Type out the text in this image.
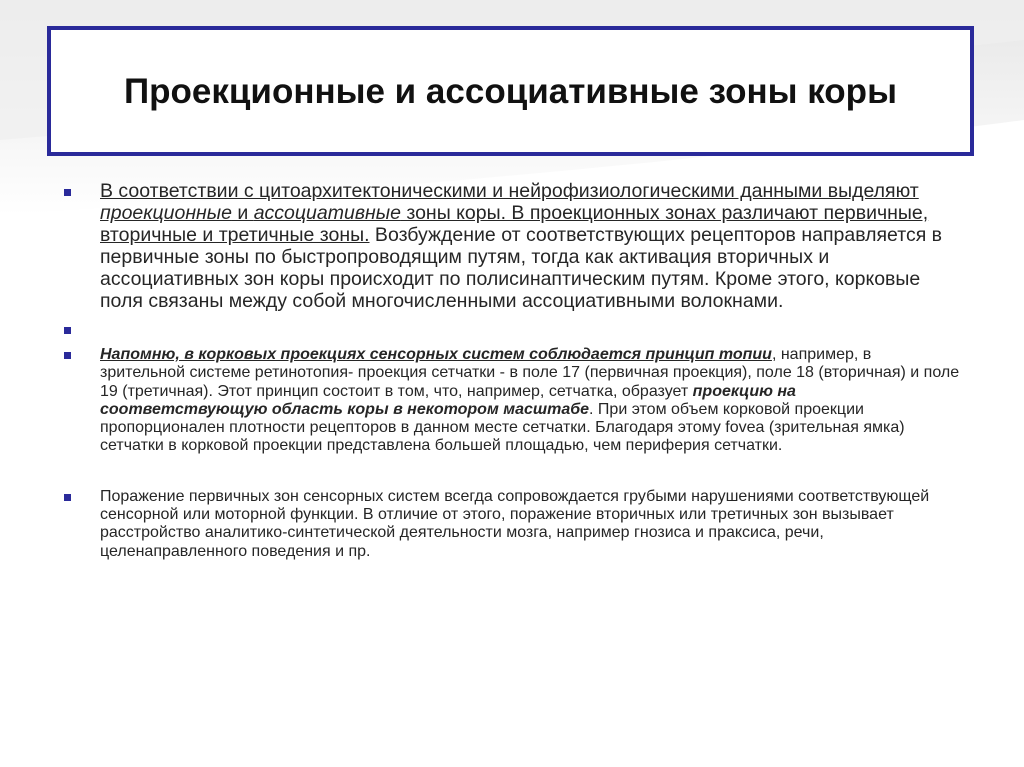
Проекционные и ассоциативные зоны коры
В соответствии с цитоархитектоническими и нейрофизиологическими данными выделяют проекционные и ассоциативные зоны коры. В проекционных зонах различают первичные, вторичные и третичные зоны. Возбуждение от соответствующих рецепторов направляется в первичные зоны по быстропроводящим путям, тогда как активация вторичных и ассоциативных зон коры происходит по полисинаптическим путям. Кроме этого, корковые поля связаны между собой многочисленными ассоциативными волокнами.
Напомню, в корковых проекциях сенсорных систем соблюдается принцип топии, например, в зрительной системе ретинотопия- проекция сетчатки - в поле 17 (первичная проекция), поле 18 (вторичная) и поле 19 (третичная). Этот принцип состоит в том, что, например, сетчатка, образует проекцию на соответствующую область коры в некотором масштабе. При этом объем корковой проекции пропорционален плотности рецепторов в данном месте сетчатки. Благодаря этому fovea (зрительная ямка) сетчатки в корковой проекции представлена большей площадью, чем периферия сетчатки.
Поражение первичных зон сенсорных систем всегда сопровождается грубыми нарушениями соответствующей сенсорной или моторной функции. В отличие от этого, поражение вторичных или третичных зон вызывает расстройство аналитико-синтетической деятельности мозга, например гнозиса и праксиса, речи, целенаправленного поведения и пр.
